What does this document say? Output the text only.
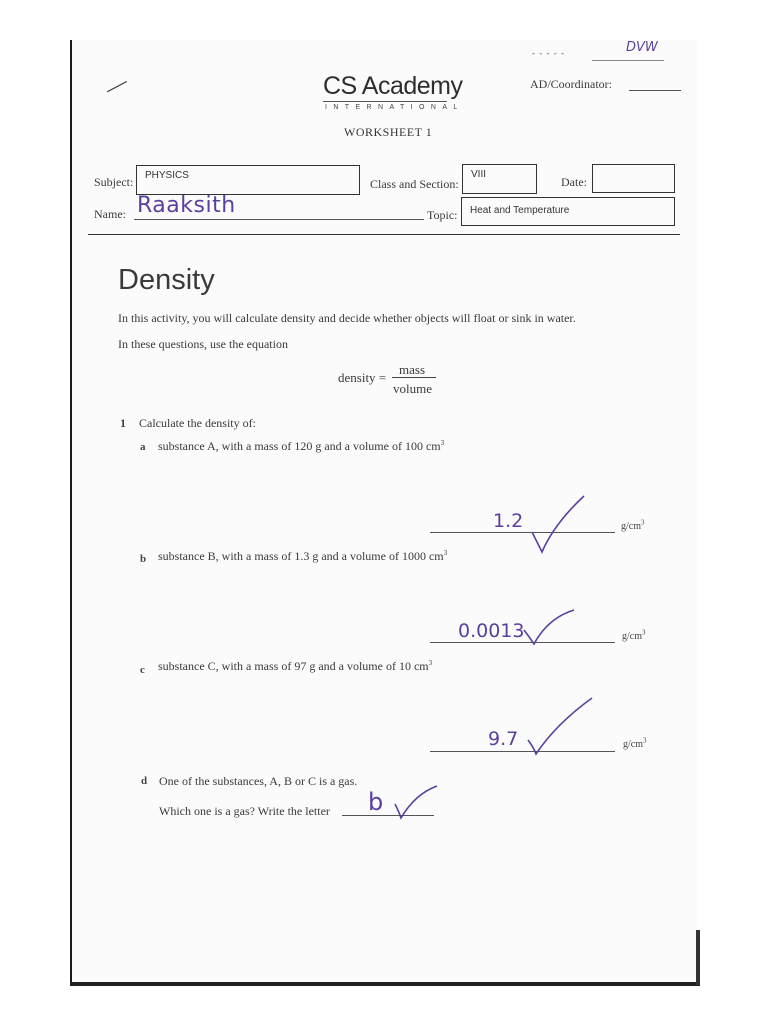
—
- - - - -	DVW
CS Academy
INTERNATIONAL
WORKSHEET 1
AD/Coordinator:
Subject:	PHYSICS
Class and Section:
VIII
Date:
Name: Raaksith	Topic:	Heat and Temperature
Density
In this activity, you will calculate density and decide whether objects will float or sink in water.
In these questions, use the equation
density =
mass
volume
1 Calculate the density of:
a substance A, with a mass of 120 g and a volume of 100 $cm^3$
1.2	$g/cm^3$
b substance B, with a mass of 1.3 g and a volume of 1000 $cm^3$
0.0013	$g/cm^3$
c substance C, with a mass of 97 g and a volume of 10 $cm^3$
9.7	$g/cm^3$
d One of the substances, A, B or C is a gas.
Which one is a gas? Write the letter b
